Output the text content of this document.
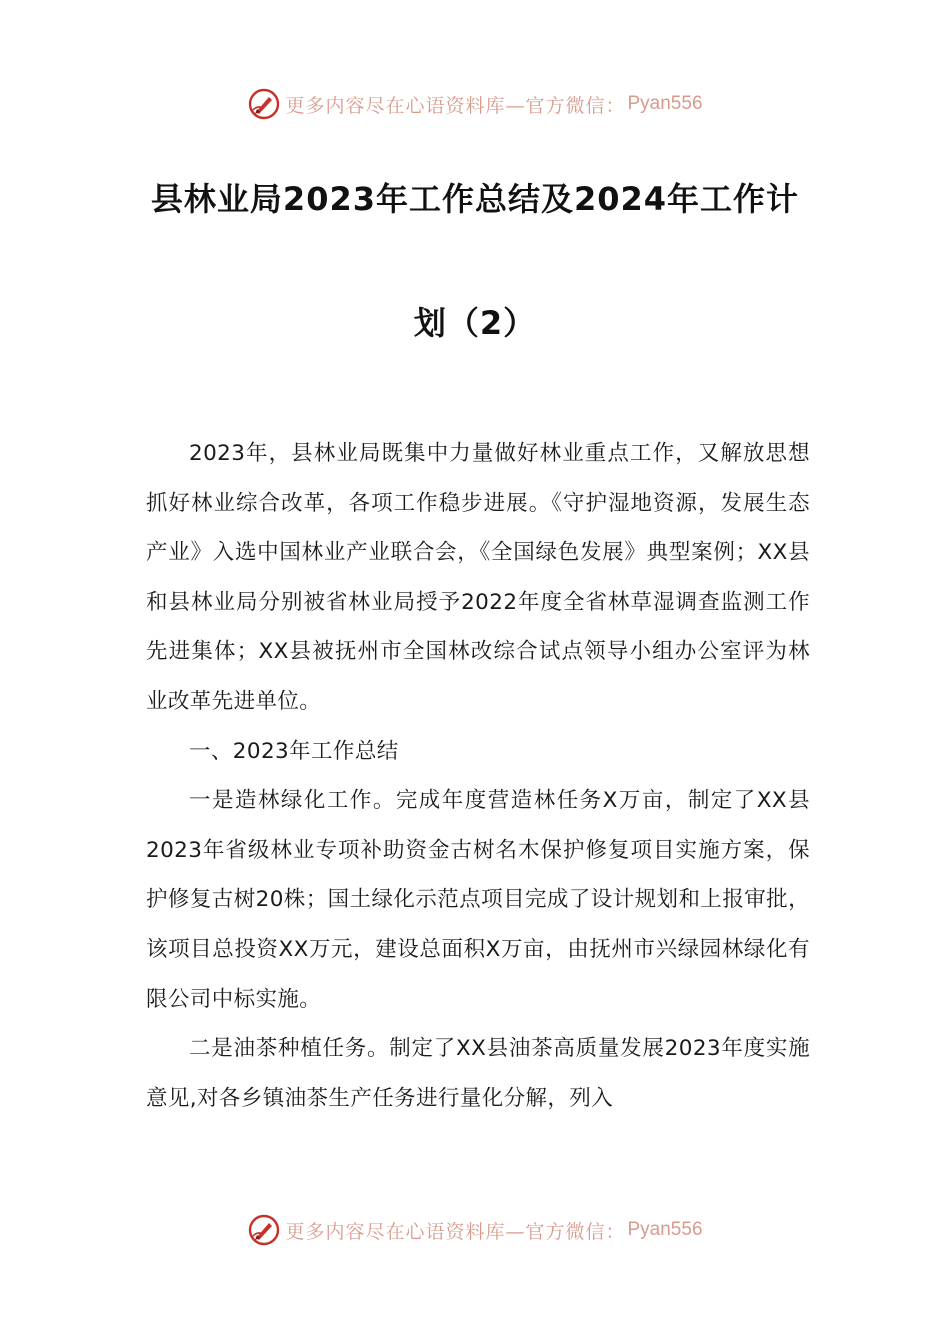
更多内容尽在心语资料库—官方微信： Pyan556
县林业局2023年工作总结及2024年工作计
划（2）

2023年，县林业局既集中力量做好林业重点工作，又解放思想抓好林业综合改革，各项工作稳步进展。《守护湿地资源，发展生态产业》入选中国林业产业联合会，《全国绿色发展》典型案例；XX县和县林业局分别被省林业局授予2022年度全省林草湿调查监测工作先进集体；XX县被抚州市全国林改综合试点领导小组办公室评为林业改革先进单位。

一、2023年工作总结

一是造林绿化工作。完成年度营造林任务X万亩，制定了XX县2023年省级林业专项补助资金古树名木保护修复项目实施方案，保护修复古树20株；国土绿化示范点项目完成了设计规划和上报审批，该项目总投资XX万元，建设总面积X万亩，由抚州市兴绿园林绿化有限公司中标实施。

二是油茶种植任务。制定了XX县油茶高质量发展2023年度实施意见,对各乡镇油茶生产任务进行量化分解，列入

更多内容尽在心语资料库—官方微信： Pyan556
